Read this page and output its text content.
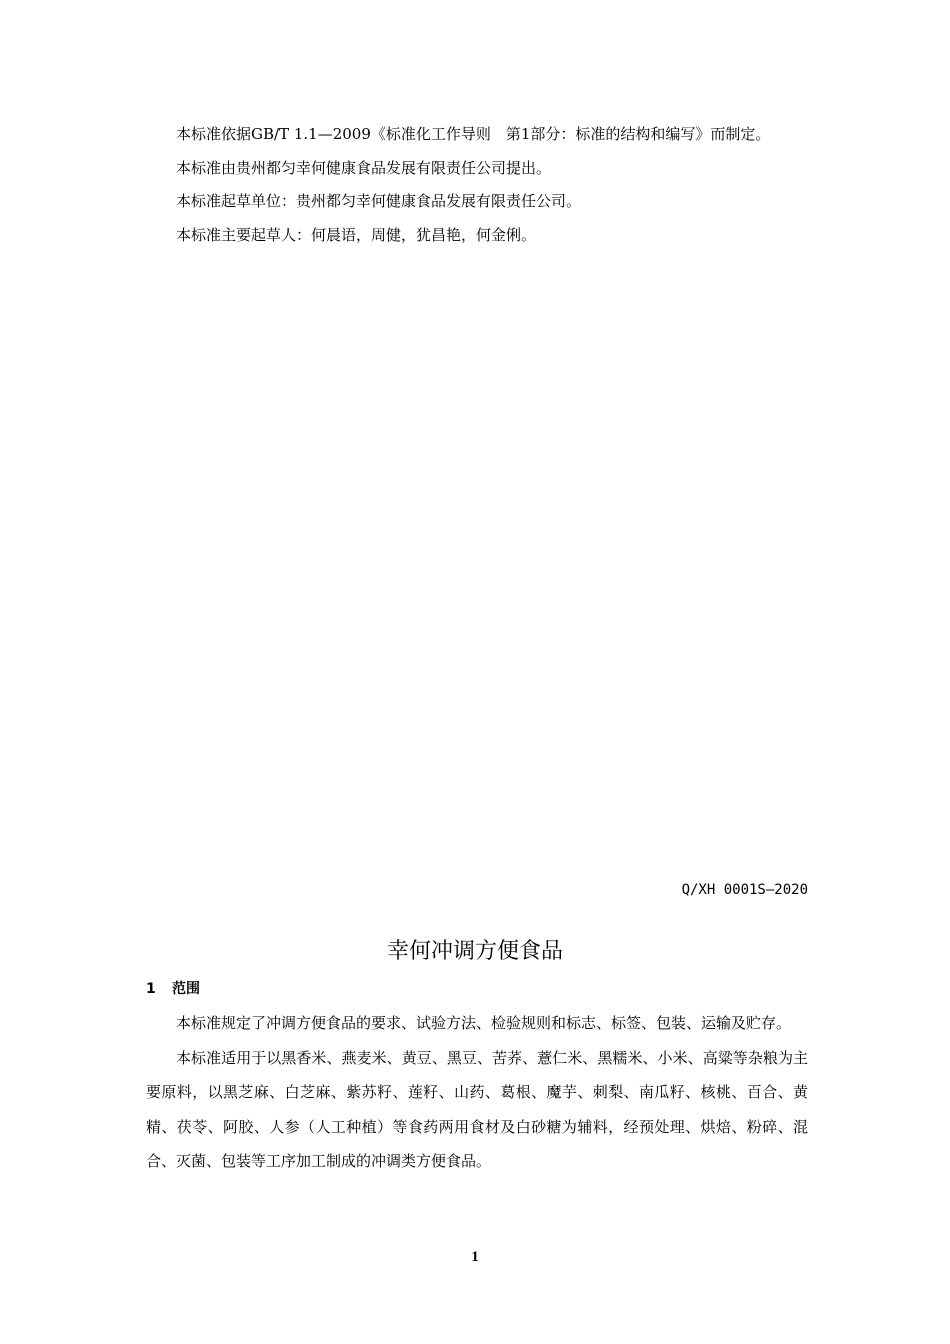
本标准依据GB/T 1.1—2009《标准化工作导则　第1部分：标准的结构和编写》而制定。

本标准由贵州都匀幸何健康食品发展有限责任公司提出。

本标准起草单位：贵州都匀幸何健康食品发展有限责任公司。

本标准主要起草人：何晨语，周健，犹昌艳，何金俐。

Q/XH 0001S—2020
幸何冲调方便食品
1 范围

本标准规定了冲调方便食品的要求、试验方法、检验规则和标志、标签、包装、运输及贮存。

本标准适用于以黑香米、燕麦米、黄豆、黑豆、苦荞、薏仁米、黑糯米、小米、高粱等杂粮为主要原料，以黑芝麻、白芝麻、紫苏籽、莲籽、山药、葛根、魔芋、刺梨、南瓜籽、核桃、百合、黄精、茯苓、阿胶、人参（人工种植）等食药两用食材及白砂糖为辅料，经预处理、烘焙、粉碎、混合、灭菌、包装等工序加工制成的冲调类方便食品。

1
